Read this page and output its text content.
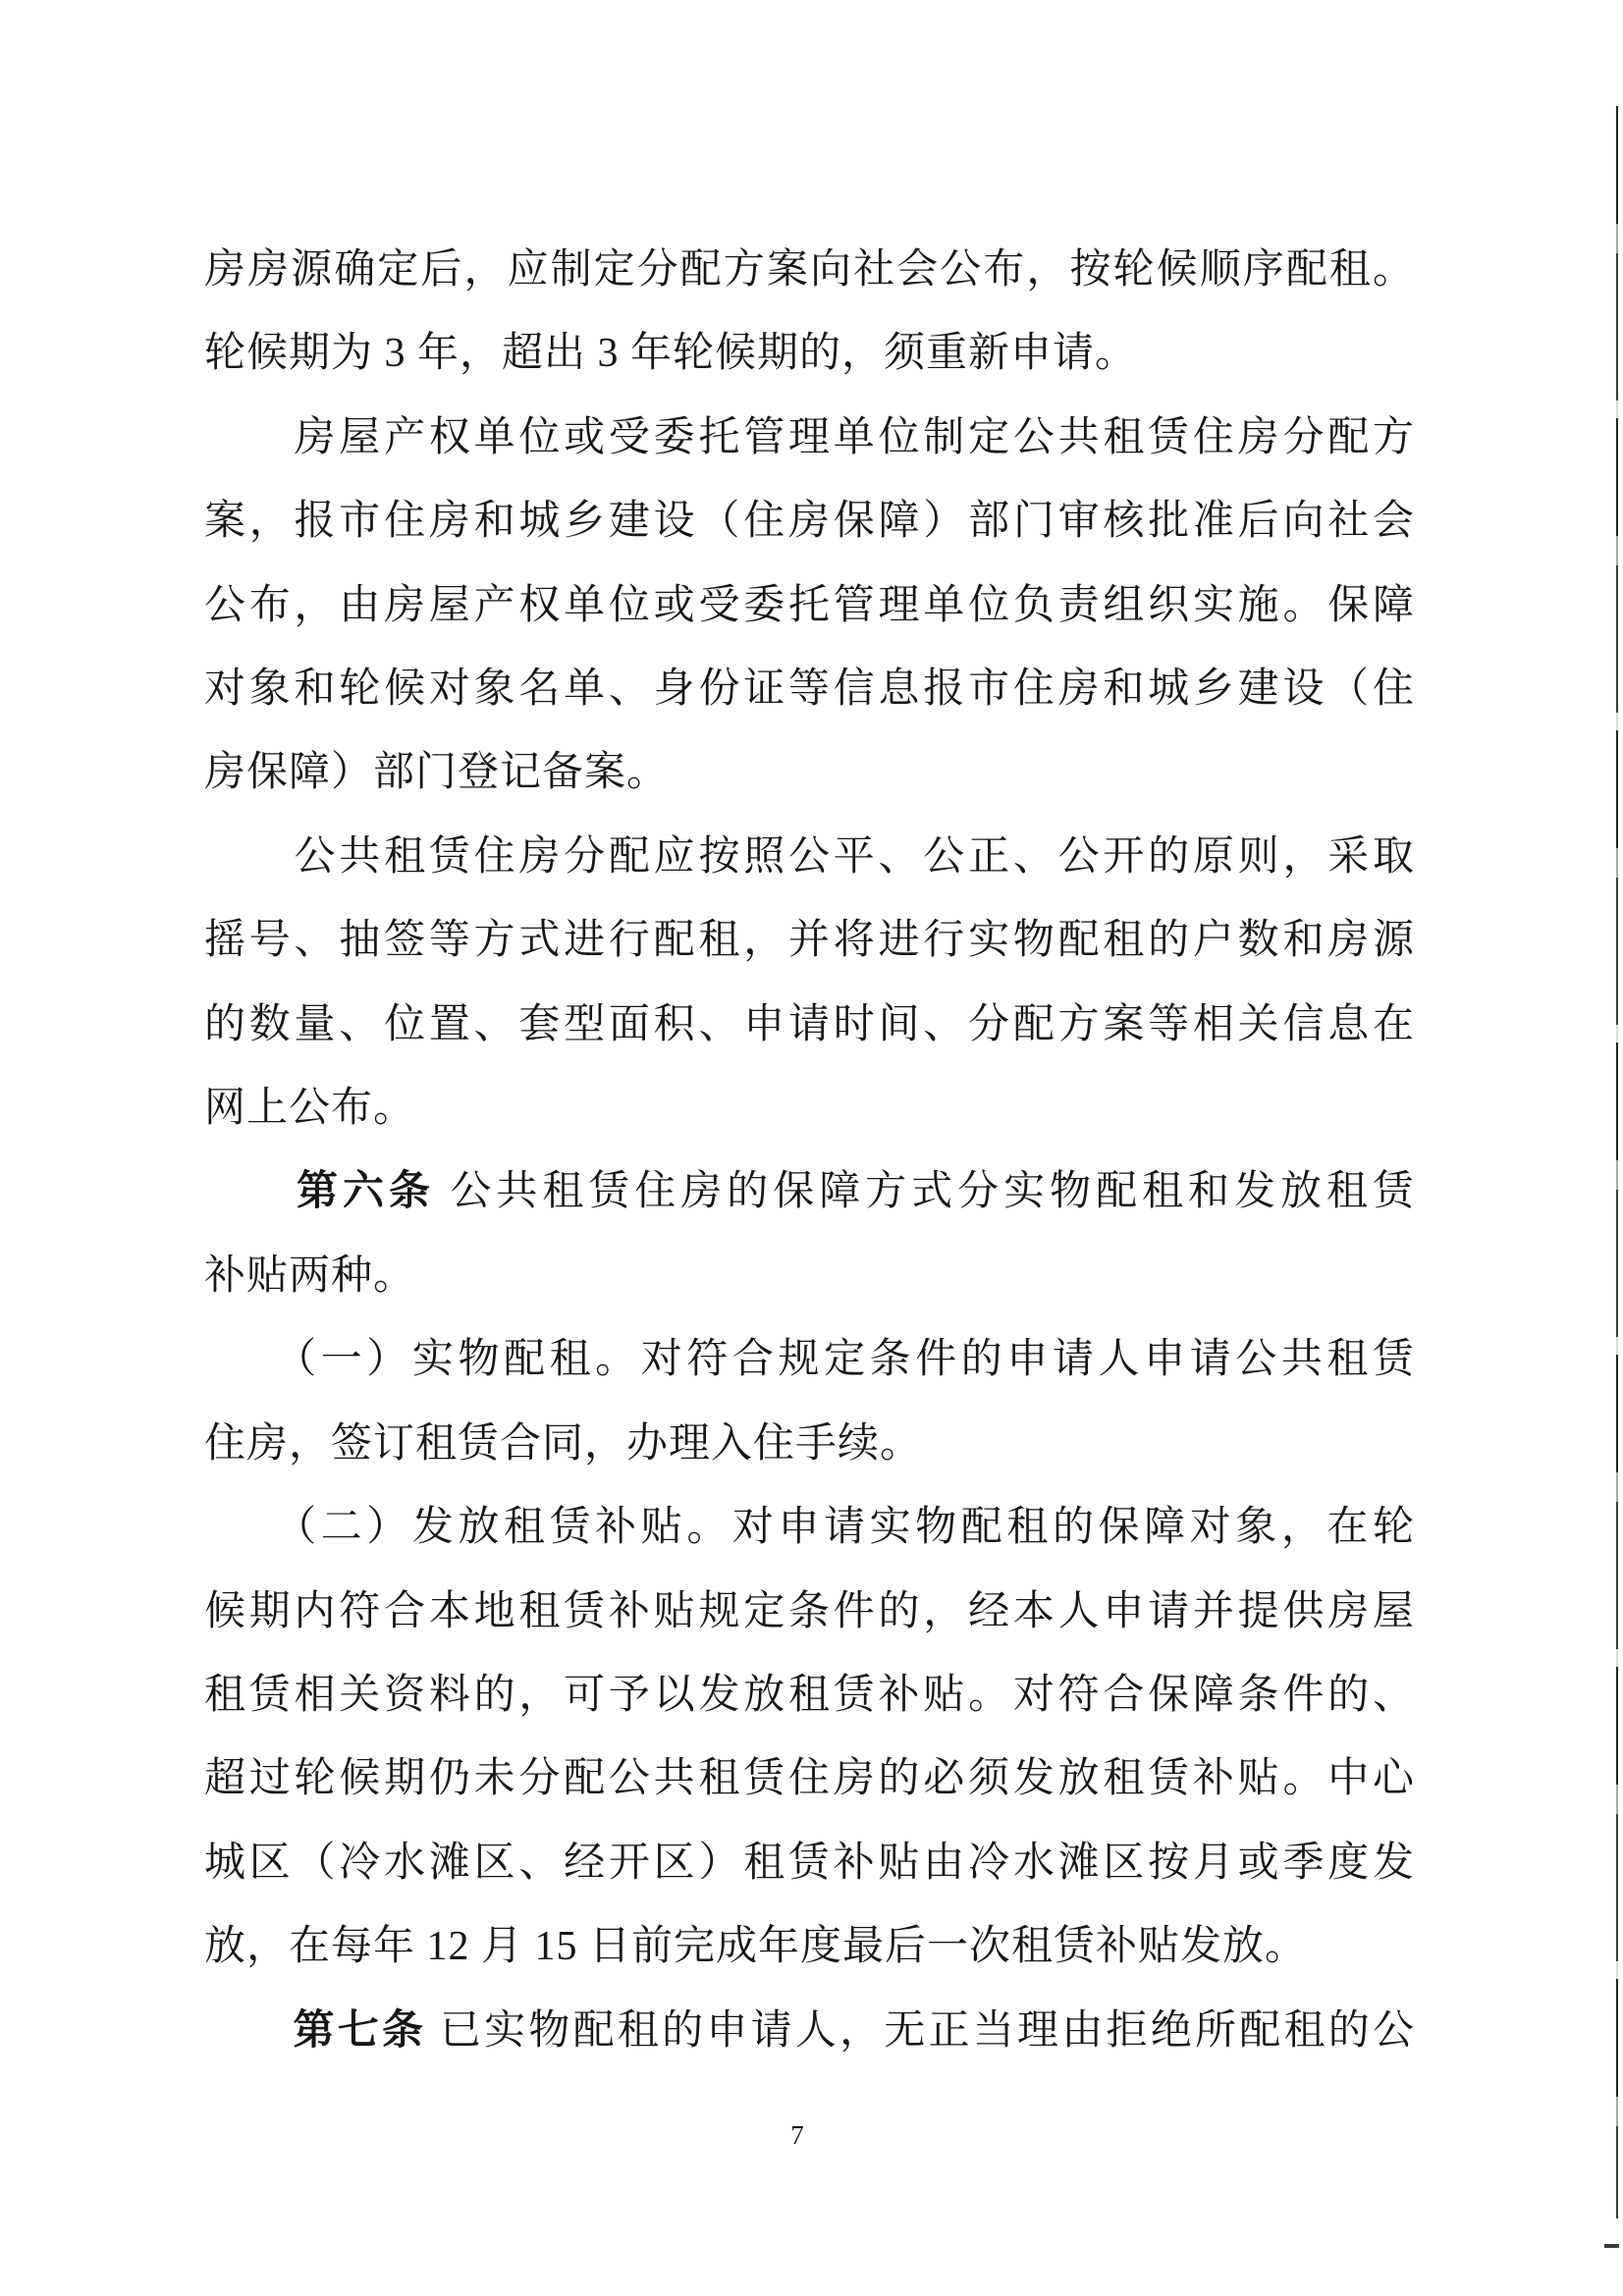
房房源确定后，应制定分配方案向社会公布，按轮候顺序配租。
轮候期为 3 年，超出 3 年轮候期的，须重新申请。
　　房屋产权单位或受委托管理单位制定公共租赁住房分配方
案，报市住房和城乡建设（住房保障）部门审核批准后向社会
公布，由房屋产权单位或受委托管理单位负责组织实施。保障
对象和轮候对象名单、身份证等信息报市住房和城乡建设（住
房保障）部门登记备案。
　　公共租赁住房分配应按照公平、公正、公开的原则，采取
摇号、抽签等方式进行配租，并将进行实物配租的户数和房源
的数量、位置、套型面积、申请时间、分配方案等相关信息在
网上公布。
　　第六条 公共租赁住房的保障方式分实物配租和发放租赁
补贴两种。
　　（一）实物配租。对符合规定条件的申请人申请公共租赁
住房，签订租赁合同，办理入住手续。
　　（二）发放租赁补贴。对申请实物配租的保障对象，在轮
候期内符合本地租赁补贴规定条件的，经本人申请并提供房屋
租赁相关资料的，可予以发放租赁补贴。对符合保障条件的、
超过轮候期仍未分配公共租赁住房的必须发放租赁补贴。中心
城区（冷水滩区、经开区）租赁补贴由冷水滩区按月或季度发
放，在每年 12 月 15 日前完成年度最后一次租赁补贴发放。
　　第七条 已实物配租的申请人，无正当理由拒绝所配租的公
7
